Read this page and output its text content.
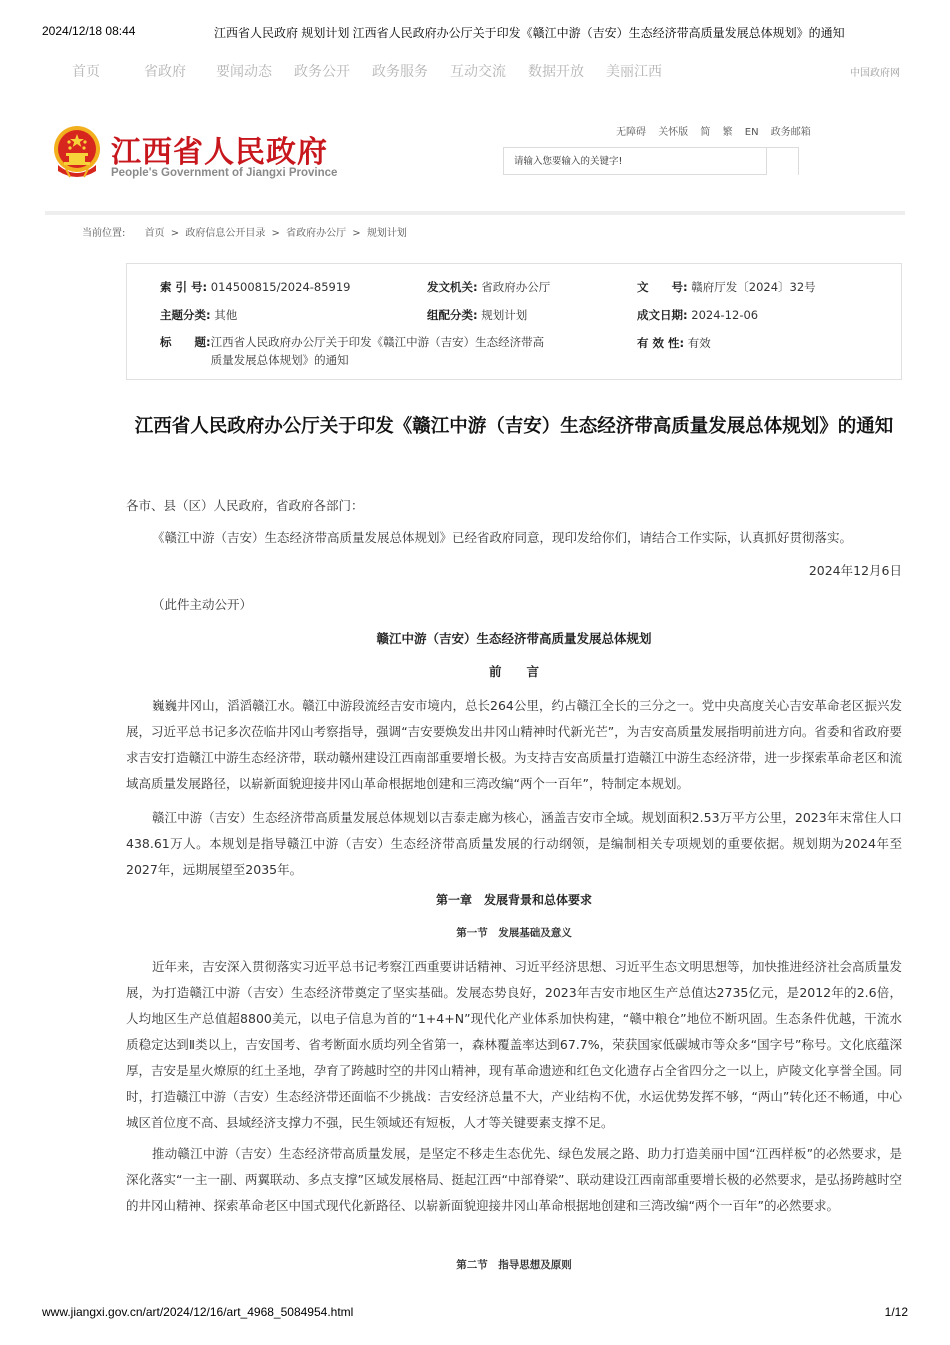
2024/12/18 08:44	江西省人民政府 规划计划 江西省人民政府办公厅关于印发《赣江中游（吉安）生态经济带高质量发展总体规划》的通知
首页	省政府 要闻动态 政务公开 政务服务 互动交流 数据开放 美丽江西	中国政府网
江西省人民政府
People's Government of Jiangxi Province
无障碍 关怀版 简 繁 EN 政务邮箱
请输入您要输入的关键字!
当前位置: 首页 > 政府信息公开目录 > 省政府办公厅 > 规划计划
索 引 号: 014500815/2024-85919	发文机关: 省政府办公厅	文　　号: 赣府厅发〔2024〕32号
主题分类: 其他	组配分类: 规划计划	成文日期: 2024-12-06
标　　题: 江西省人民政府办公厅关于印发《赣江中游（吉安）生态经济带高质量发展总体规划》的通知
有 效 性: 有效
江西省人民政府办公厅关于印发《赣江中游（吉安）生态经济带高质量发展总体规划》的通知

各市、县（区）人民政府，省政府各部门：

《赣江中游（吉安）生态经济带高质量发展总体规划》已经省政府同意，现印发给你们，请结合工作实际，认真抓好贯彻落实。

2024年12月6日

（此件主动公开）

赣江中游（吉安）生态经济带高质量发展总体规划

前　　言

巍巍井冈山，滔滔赣江水。赣江中游段流经吉安市境内，总长264公里，约占赣江全长的三分之一。党中央高度关心吉安革命老区振兴发展，习近平总书记多次莅临井冈山考察指导，强调“吉安要焕发出井冈山精神时代新光芒”，为吉安高质量发展指明前进方向。省委和省政府要求吉安打造赣江中游生态经济带，联动赣州建设江西南部重要增长极。为支持吉安高质量打造赣江中游生态经济带，进一步探索革命老区和流域高质量发展路径，以崭新面貌迎接井冈山革命根据地创建和三湾改编“两个一百年”，特制定本规划。

赣江中游（吉安）生态经济带高质量发展总体规划以吉泰走廊为核心，涵盖吉安市全域。规划面积2.53万平方公里，2023年末常住人口438.61万人。本规划是指导赣江中游（吉安）生态经济带高质量发展的行动纲领，是编制相关专项规划的重要依据。规划期为2024年至2027年，远期展望至2035年。

第一章　发展背景和总体要求

第一节　发展基础及意义

近年来，吉安深入贯彻落实习近平总书记考察江西重要讲话精神、习近平经济思想、习近平生态文明思想等，加快推进经济社会高质量发展，为打造赣江中游（吉安）生态经济带奠定了坚实基础。发展态势良好，2023年吉安市地区生产总值达2735亿元，是2012年的2.6倍，人均地区生产总值超8800美元，以电子信息为首的“1+4+N”现代化产业体系加快构建，“赣中粮仓”地位不断巩固。生态条件优越，干流水质稳定达到Ⅱ类以上，吉安国考、省考断面水质均列全省第一，森林覆盖率达到67.7%，荣获国家低碳城市等众多“国字号”称号。文化底蕴深厚，吉安是星火燎原的红土圣地，孕育了跨越时空的井冈山精神，现有革命遗迹和红色文化遗存占全省四分之一以上，庐陵文化享誉全国。同时，打造赣江中游（吉安）生态经济带还面临不少挑战：吉安经济总量不大，产业结构不优，水运优势发挥不够，“两山”转化还不畅通，中心城区首位度不高、县域经济支撑力不强，民生领域还有短板，人才等关键要素支撑不足。

推动赣江中游（吉安）生态经济带高质量发展，是坚定不移走生态优先、绿色发展之路、助力打造美丽中国“江西样板”的必然要求，是深化落实“一主一副、两翼联动、多点支撑”区域发展格局、挺起江西“中部脊梁”、联动建设江西南部重要增长极的必然要求，是弘扬跨越时空的井冈山精神、探索革命老区中国式现代化新路径、以崭新面貌迎接井冈山革命根据地创建和三湾改编“两个一百年”的必然要求。

第二节　指导思想及原则

www.jiangxi.gov.cn/art/2024/12/16/art_4968_5084954.html	1/12
